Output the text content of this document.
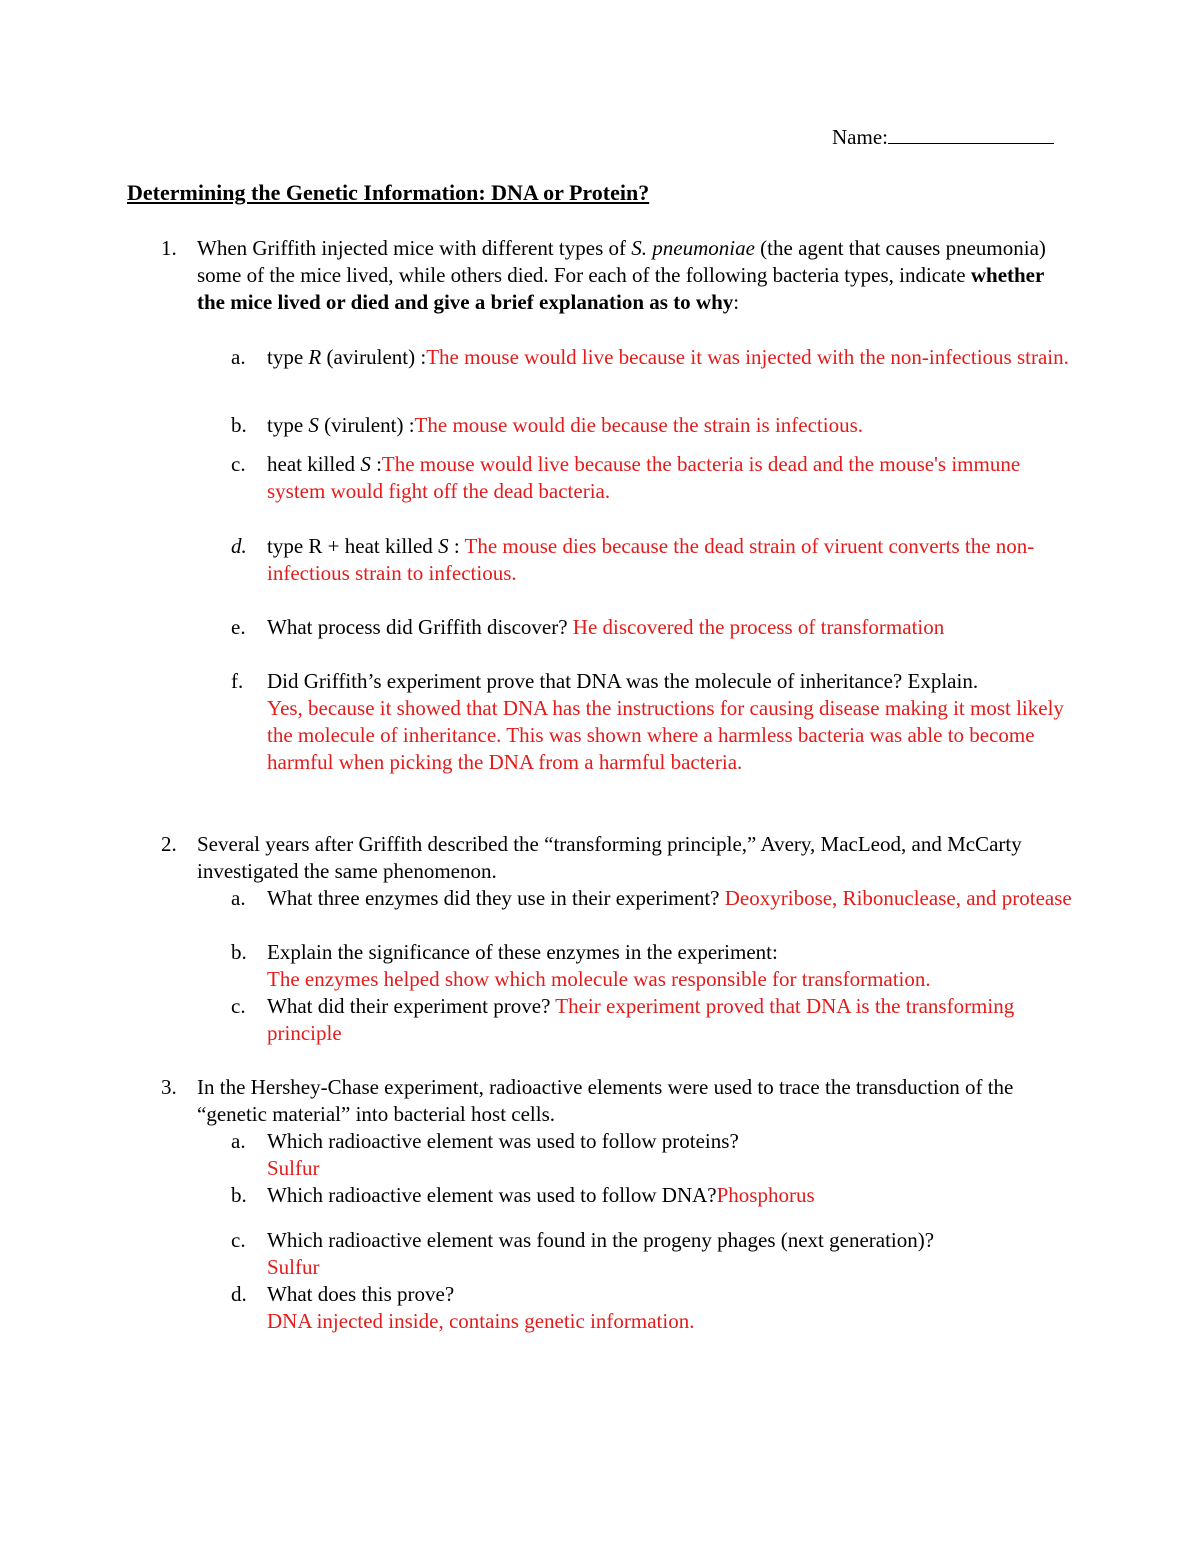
Name:
Determining the Genetic Information: DNA or Protein?
1. When Griffith injected mice with different types of S. pneumoniae (the agent that causes pneumonia) some of the mice lived, while others died. For each of the following bacteria types, indicate whether the mice lived or died and give a brief explanation as to why:
a. type R (avirulent) :The mouse would live because it was injected with the non-infectious strain.
b. type S (virulent) :The mouse would die because the strain is infectious.
c. heat killed S :The mouse would live because the bacteria is dead and the mouse's immune system would fight off the dead bacteria.
d. type R + heat killed S : The mouse dies because the dead strain of viruent converts the non-infectious strain to infectious.
e. What process did Griffith discover? He discovered the process of transformation
f. Did Griffith’s experiment prove that DNA was the molecule of inheritance? Explain.
Yes, because it showed that DNA has the instructions for causing disease making it most likely the molecule of inheritance. This was shown where a harmless bacteria was able to become harmful when picking the DNA from a harmful bacteria.
2. Several years after Griffith described the “transforming principle,” Avery, MacLeod, and McCarty investigated the same phenomenon.
a. What three enzymes did they use in their experiment? Deoxyribose, Ribonuclease, and protease
b. Explain the significance of these enzymes in the experiment:
The enzymes helped show which molecule was responsible for transformation.
c. What did their experiment prove? Their experiment proved that DNA is the transforming principle
3. In the Hershey-Chase experiment, radioactive elements were used to trace the transduction of the “genetic material” into bacterial host cells.
a. Which radioactive element was used to follow proteins?
Sulfur
b. Which radioactive element was used to follow DNA?Phosphorus
c. Which radioactive element was found in the progeny phages (next generation)?
Sulfur
d. What does this prove?
DNA injected inside, contains genetic information.
